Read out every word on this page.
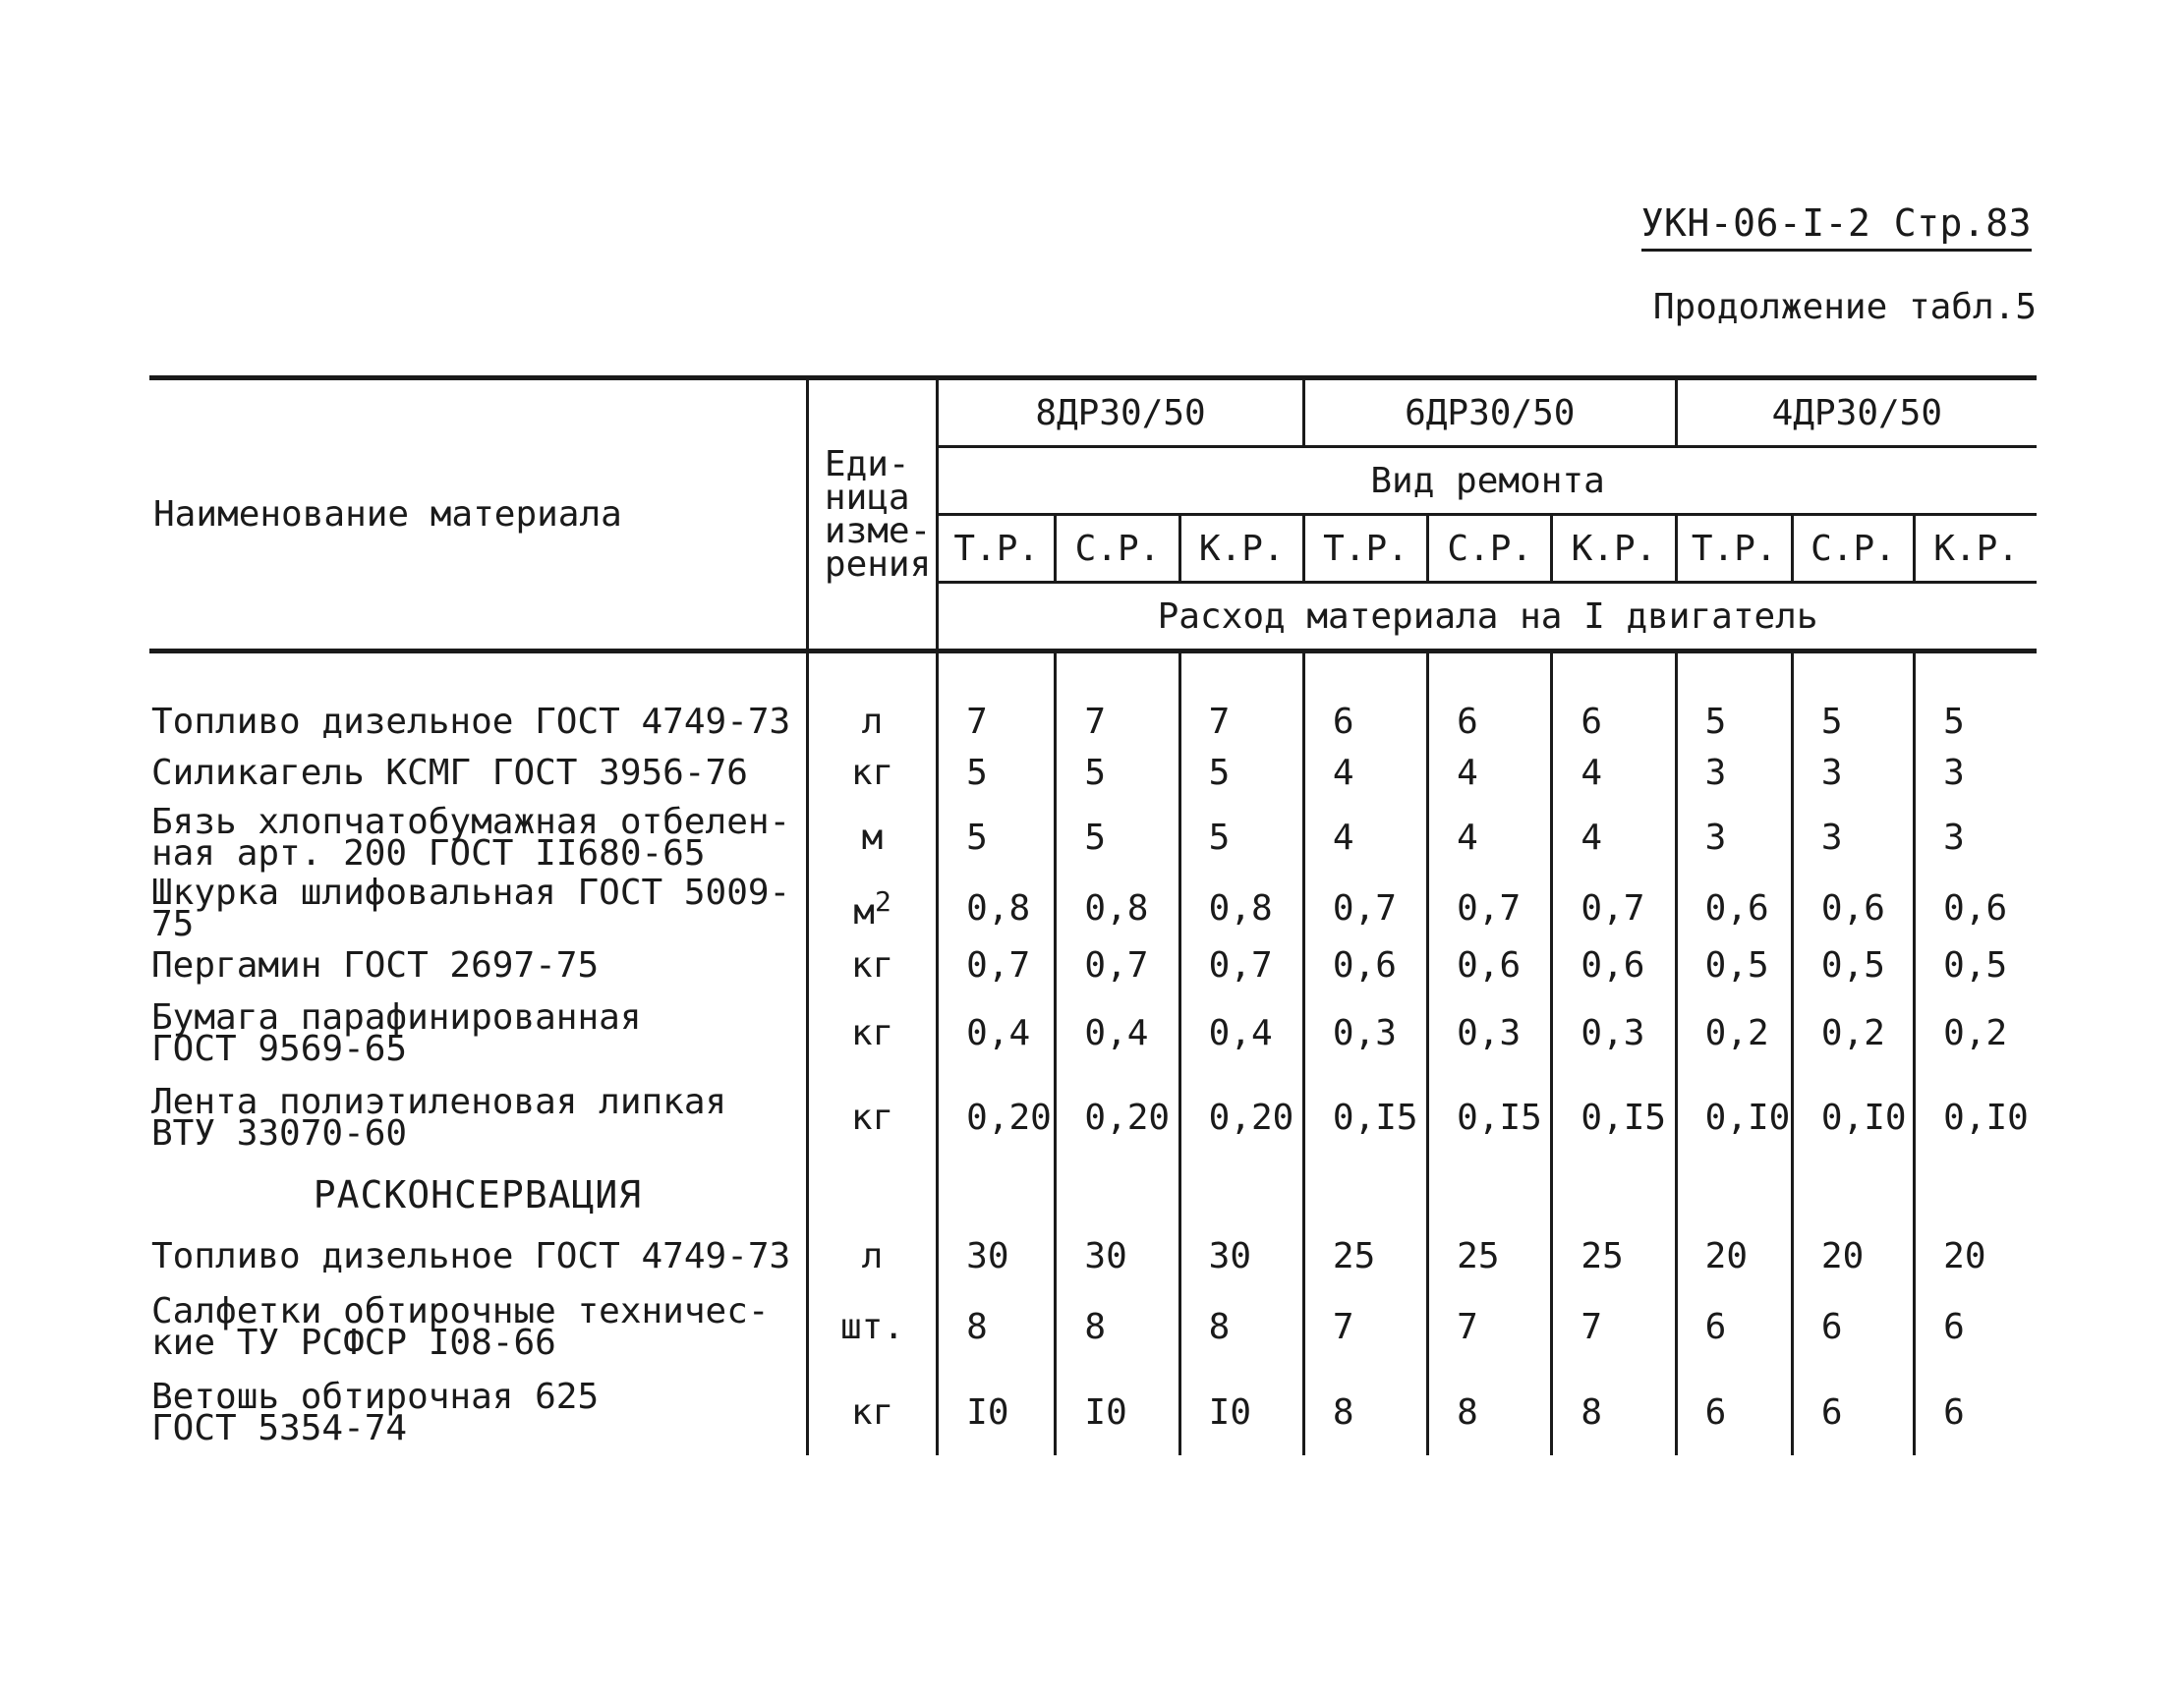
УКН-06-I-2 Стр.83
Продолжение табл.5
Наименование материала	Еди-
ница
изме-
рения	8ДР30/50			6ДР30/50			4ДР30/50		
		Вид ремонта								
		Т.Р.	С.Р.	К.Р.	Т.Р.	С.Р.	К.Р.	Т.Р.	С.Р.	К.Р.
		Расход материала на I двигатель								

Топливо дизельное ГОСТ 4749-73	л	7	7	7	6	6	6	5	5	5
Силикагель КСМГ ГОСТ 3956-76	кг	5	5	5	4	4	4	3	3	3
Бязь хлопчатобумажная отбелен-
ная арт. 200 ГОСТ II680-65	м	5	5	5	4	4	4	3	3	3
Шкурка шлифовальная ГОСТ 5009-75	$м^2$	0,8	0,8	0,8	0,7	0,7	0,7	0,6	0,6	0,6
Пергамин ГОСТ 2697-75	кг	0,7	0,7	0,7	0,6	0,6	0,6	0,5	0,5	0,5
Бумага парафинированная
ГОСТ 9569-65	кг	0,4	0,4	0,4	0,3	0,3	0,3	0,2	0,2	0,2
Лента полиэтиленовая липкая
ВТУ 33070-60	кг	0,20	0,20	0,20	0,I5	0,I5	0,I5	0,I0	0,I0	0,I0
РАСКОНСЕРВАЦИЯ										
Топливо дизельное ГОСТ 4749-73	л	30	30	30	25	25	25	20	20	20
Салфетки обтирочные техничес-
кие ТУ РСФСР I08-66	шт.	8	8	8	7	7	7	6	6	6
Ветошь обтирочная 625
ГОСТ 5354-74	кг	I0	I0	I0	8	8	8	6	6	6
